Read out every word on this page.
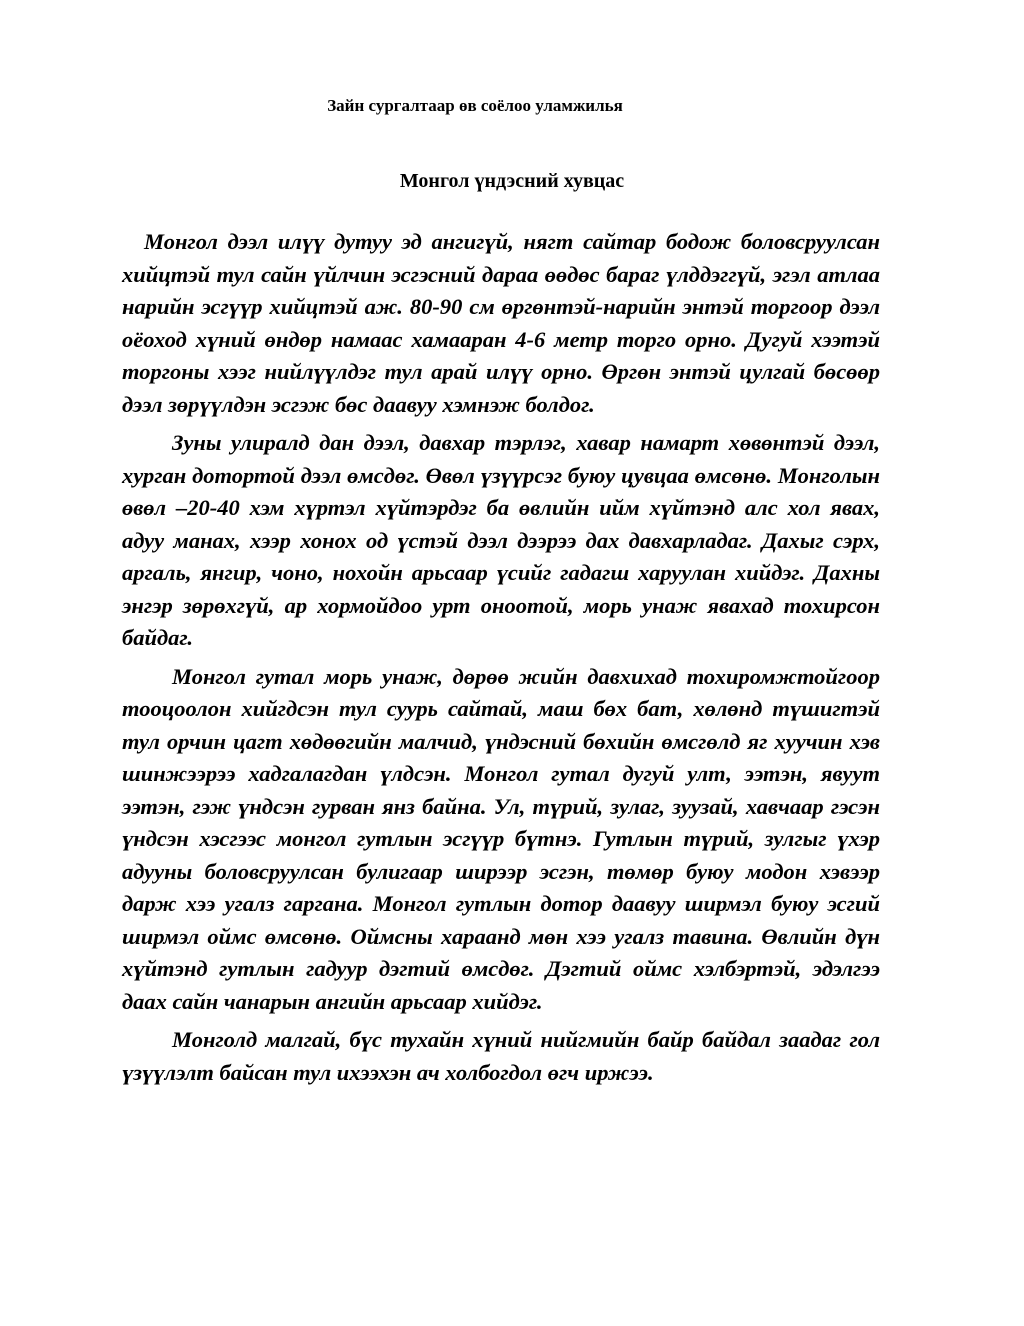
Зайн сургалтаар өв соёлоо уламжилья
Монгол үндэсний хувцас

Монгол дээл илүү дутуу эд ангигүй, нягт сайтар бодож боловсруулсан хийцтэй тул сайн үйлчин эсгэсний дараа өөдөс бараг үлддэггүй, эгэл атлаа нарийн эсгүүр хийцтэй аж. 80-90 см өргөнтэй-нарийн энтэй торгоор дээл оёоход хүний өндөр намаас хамааран 4-6 метр торго орно. Дугуй хээтэй торгоны хээг нийлүүлдэг тул арай илүү орно. Өргөн энтэй цулгай бөсөөр дээл зөрүүлдэн эсгэж бөс даавуу хэмнэж болдог.

Зуны улиралд дан дээл, давхар тэрлэг, хавар намарт хөвөнтэй дээл, хурган дотортой дээл өмсдөг. Өвөл үзүүрсэг буюу цувцаа өмсөнө. Монголын өвөл –20-40 хэм хүртэл хүйтэрдэг ба өвлийн ийм хүйтэнд алс хол явах, адуу манах, хээр хонох од үстэй дээл дээрээ дах давхарладаг. Дахыг сэрх, аргаль, янгир, чоно, нохойн арьсаар үсийг гадагш харуулан хийдэг. Дахны энгэр зөрөхгүй, ар хормойдоо урт оноотой, морь унаж явахад тохирсон байдаг.

Монгол гутал морь унаж, дөрөө жийн давхихад тохиромжтойгоор тооцоолон хийгдсэн тул суурь сайтай, маш бөх бат, хөлөнд түшигтэй тул орчин цагт хөдөөгийн малчид, үндэсний бөхийн өмсгөлд яг хуучин хэв шинжээрээ хадгалагдан үлдсэн. Монгол гутал дугуй улт, ээтэн, явуут ээтэн, гэж үндсэн гурван янз байна. Ул, түрий, зулаг, зуузай, хавчаар гэсэн үндсэн хэсгээс монгол гутлын эсгүүр бүтнэ. Гутлын түрий, зулгыг үхэр адууны боловсруулсан булигаар ширээр эсгэн, төмөр буюу модон хэвээр дарж хээ угалз гаргана. Монгол гутлын дотор даавуу ширмэл буюу эсгий ширмэл оймс өмсөнө. Оймсны хараанд мөн хээ угалз тавина. Өвлийн дүн хүйтэнд гутлын гадуур дэгтий өмсдөг. Дэгтий оймс хэлбэртэй, эдэлгээ даах сайн чанарын ангийн арьсаар хийдэг.

Монголд малгай, бүс тухайн хүний нийгмийн байр байдал заадаг гол үзүүлэлт байсан тул ихээхэн ач холбогдол өгч иржээ.
